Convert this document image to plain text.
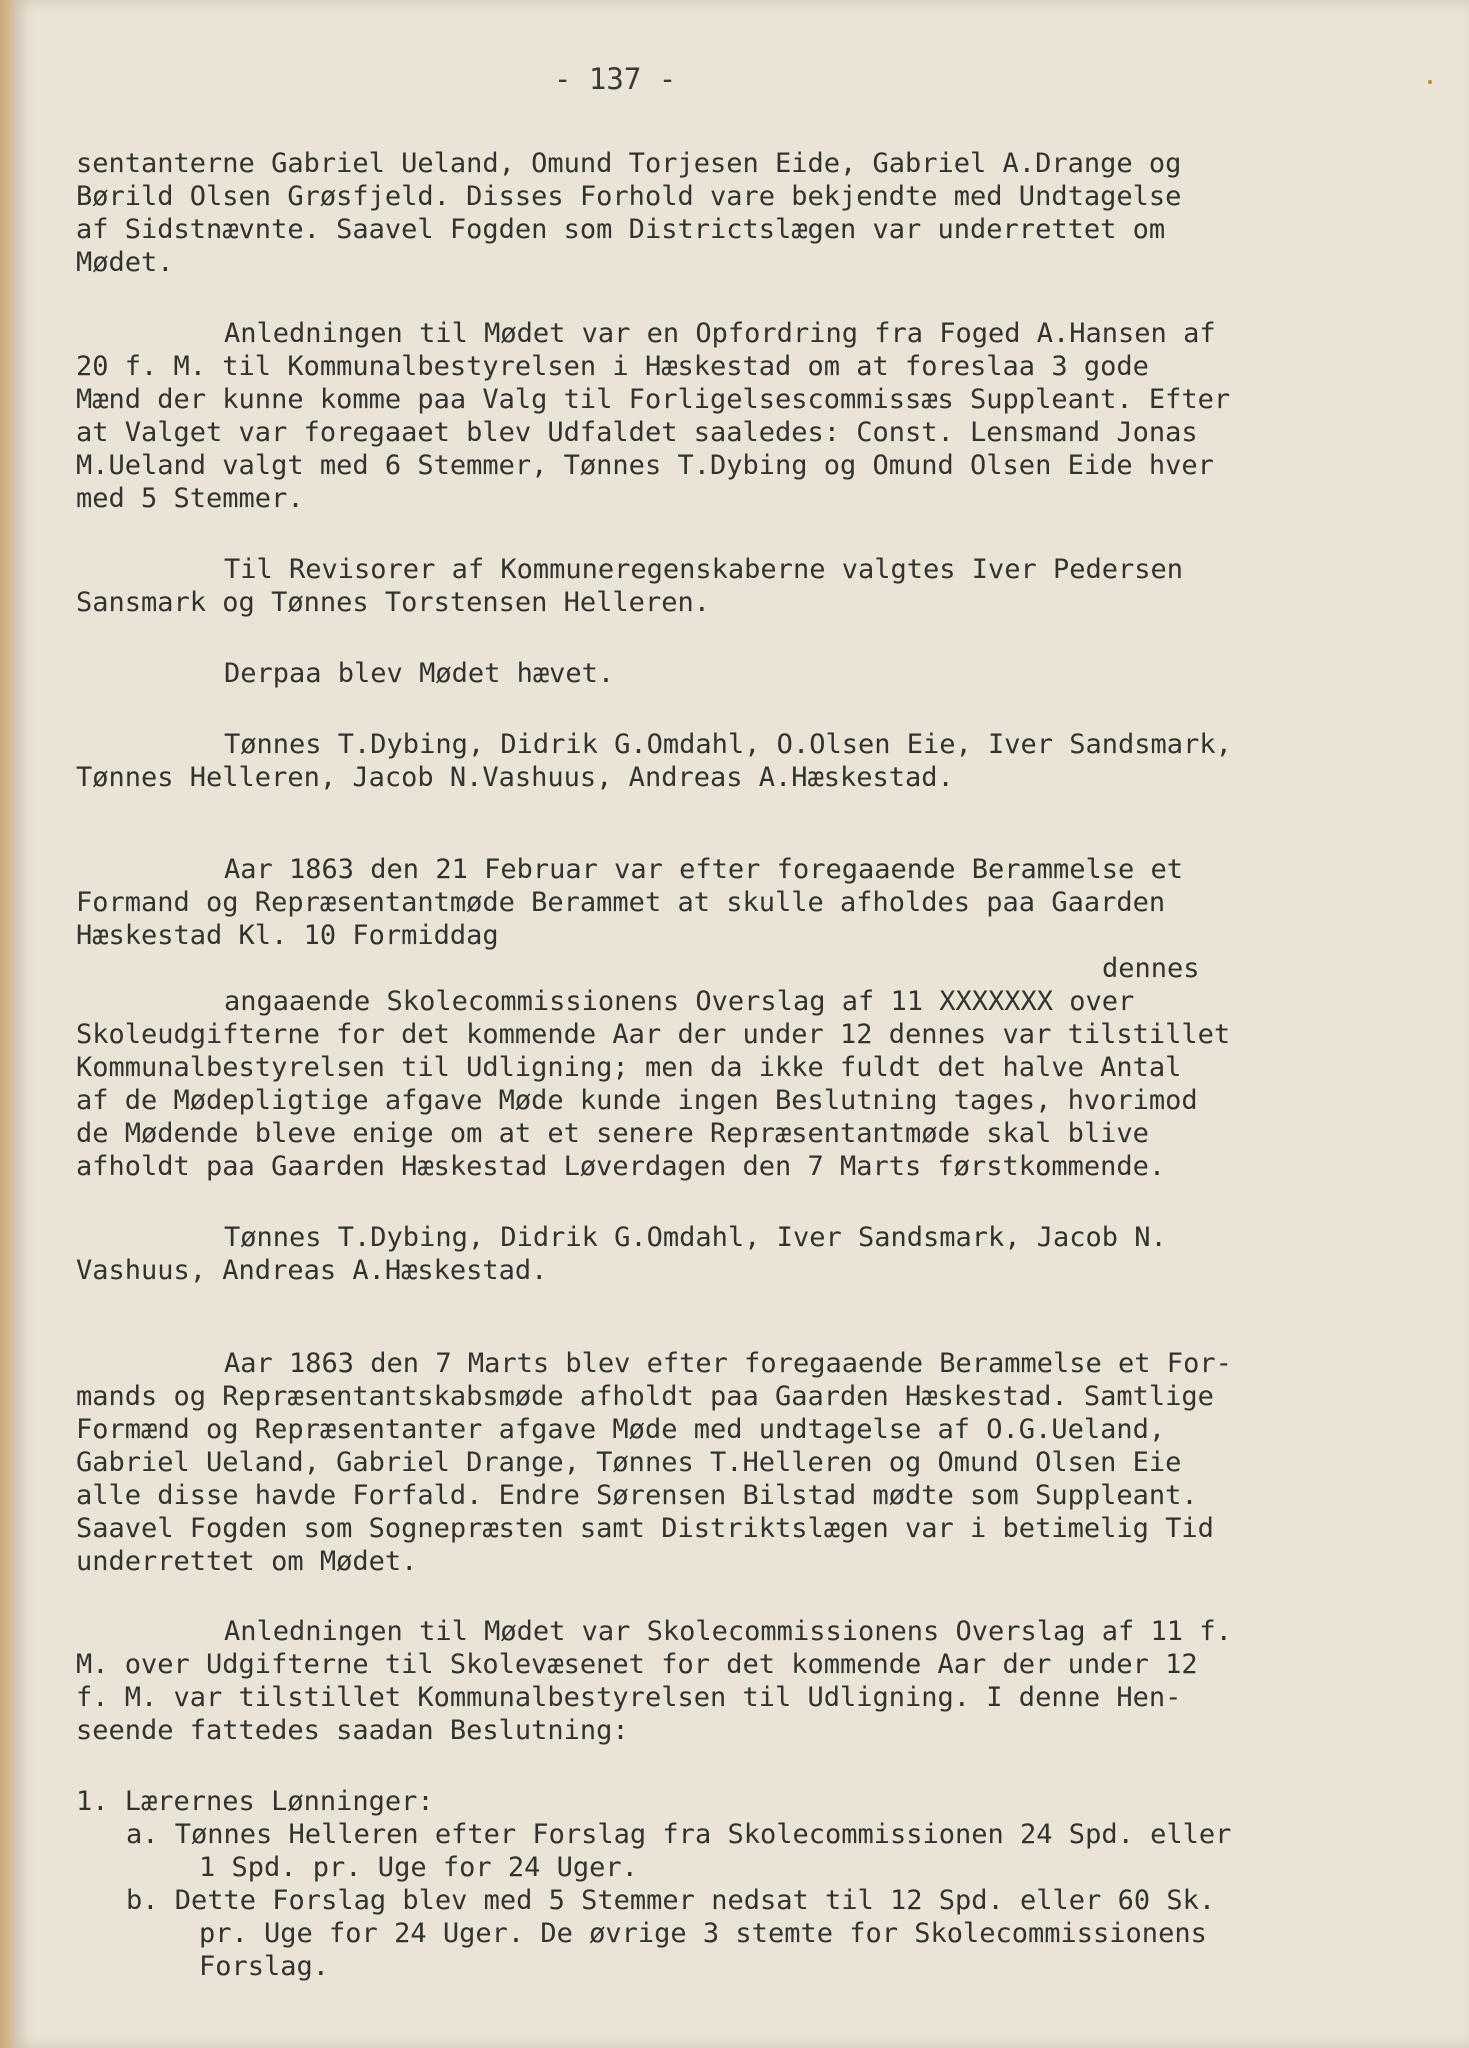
- 137 -
sentanterne Gabriel Ueland, Omund Torjesen Eide, Gabriel A.Drange og
Børild Olsen Grøsfjeld. Disses Forhold vare bekjendte med Undtagelse
af Sidstnævnte. Saavel Fogden som Districtslægen var underrettet om
Mødet.
Anledningen til Mødet var en Opfordring fra Foged A.Hansen af
20 f. M. til Kommunalbestyrelsen i Hæskestad om at foreslaa 3 gode
Mænd der kunne komme paa Valg til Forligelsescommissæs Suppleant. Efter
at Valget var foregaaet blev Udfaldet saaledes: Const. Lensmand Jonas
M.Ueland valgt med 6 Stemmer, Tønnes T.Dybing og Omund Olsen Eide hver
med 5 Stemmer.
Til Revisorer af Kommuneregenskaberne valgtes Iver Pedersen
Sansmark og Tønnes Torstensen Helleren.
Derpaa blev Mødet hævet.
Tønnes T.Dybing, Didrik G.Omdahl, O.Olsen Eie, Iver Sandsmark,
Tønnes Helleren, Jacob N.Vashuus, Andreas A.Hæskestad.
Aar 1863 den 21 Februar var efter foregaaende Berammelse et
Formand og Repræsentantmøde Berammet at skulle afholdes paa Gaarden
Hæskestad Kl. 10 Formiddag
dennes
angaaende Skolecommissionens Overslag af 11 XXXXXXX over
Skoleudgifterne for det kommende Aar der under 12 dennes var tilstillet
Kommunalbestyrelsen til Udligning; men da ikke fuldt det halve Antal
af de Mødepligtige afgave Møde kunde ingen Beslutning tages, hvorimod
de Mødende bleve enige om at et senere Repræsentantmøde skal blive
afholdt paa Gaarden Hæskestad Løverdagen den 7 Marts førstkommende.
Tønnes T.Dybing, Didrik G.Omdahl, Iver Sandsmark, Jacob N.
Vashuus, Andreas A.Hæskestad.
Aar 1863 den 7 Marts blev efter foregaaende Berammelse et For-
mands og Repræsentantskabsmøde afholdt paa Gaarden Hæskestad. Samtlige
Formænd og Repræsentanter afgave Møde med undtagelse af O.G.Ueland,
Gabriel Ueland, Gabriel Drange, Tønnes T.Helleren og Omund Olsen Eie
alle disse havde Forfald. Endre Sørensen Bilstad mødte som Suppleant.
Saavel Fogden som Sognepræsten samt Distriktslægen var i betimelig Tid
underrettet om Mødet.
Anledningen til Mødet var Skolecommissionens Overslag af 11 f.
M. over Udgifterne til Skolevæsenet for det kommende Aar der under 12
f. M. var tilstillet Kommunalbestyrelsen til Udligning. I denne Hen-
seende fattedes saadan Beslutning:
1. Lærernes Lønninger:
a. Tønnes Helleren efter Forslag fra Skolecommissionen 24 Spd. eller
1 Spd. pr. Uge for 24 Uger.
b. Dette Forslag blev med 5 Stemmer nedsat til 12 Spd. eller 60 Sk.
pr. Uge for 24 Uger. De øvrige 3 stemte for Skolecommissionens
Forslag.
